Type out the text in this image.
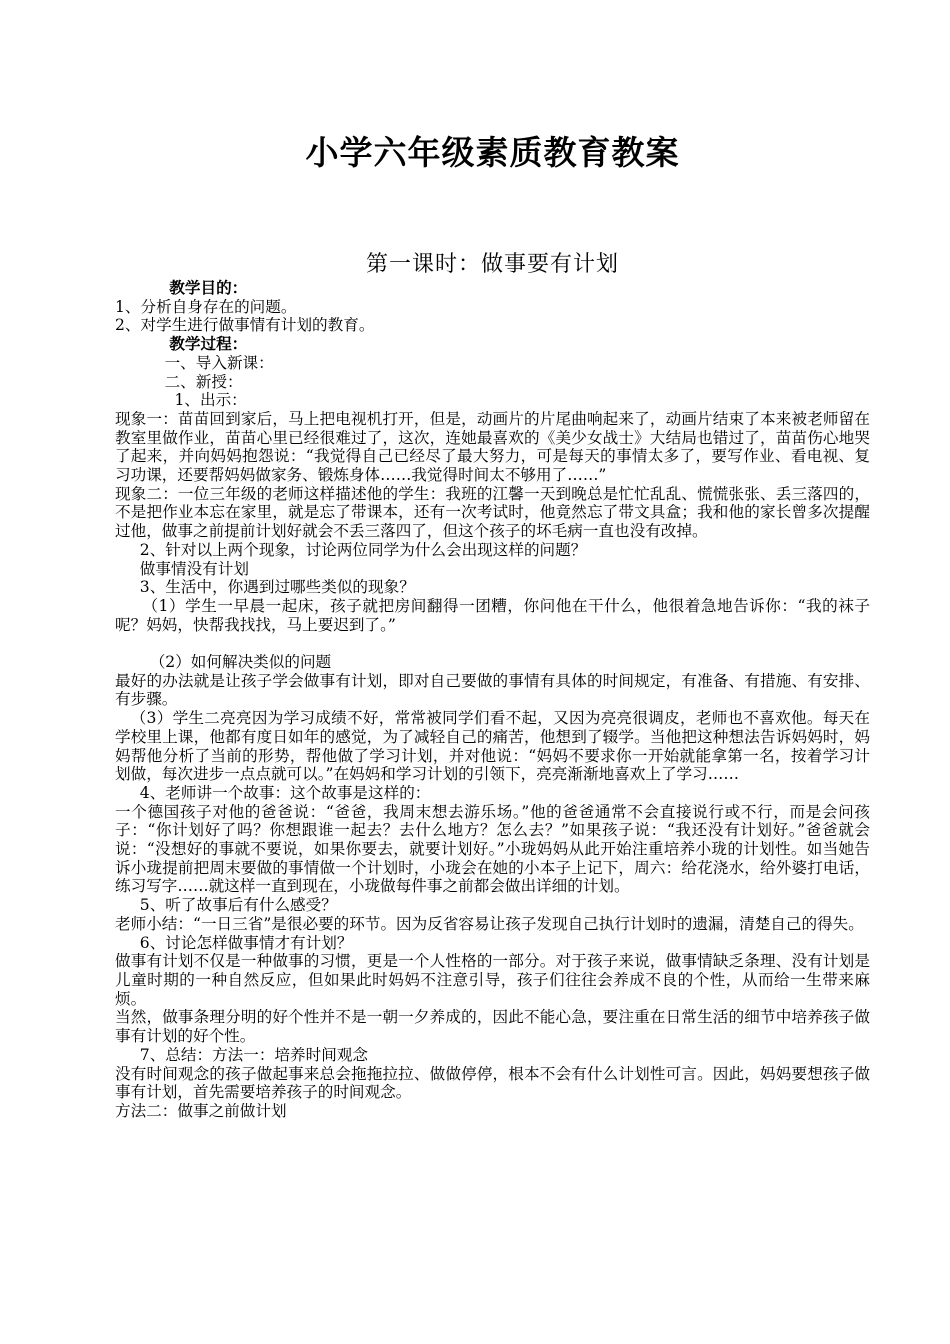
小学六年级素质教育教案
第一课时：做事要有计划

教学目的：

1、分析自身存在的问题。

2、对学生进行做事情有计划的教育。

教学过程：

一、导入新课：

二、新授：

1、出示：

现象一：苗苗回到家后，马上把电视机打开，但是，动画片的片尾曲响起来了，动画片结束了本来被老师留在教室里做作业，苗苗心里已经很难过了，这次，连她最喜欢的《美少女战士》大结局也错过了，苗苗伤心地哭了起来，并向妈妈抱怨说：“我觉得自己已经尽了最大努力，可是每天的事情太多了，要写作业、看电视、复习功课，还要帮妈妈做家务、锻炼身体……我觉得时间太不够用了……”

现象二：一位三年级的老师这样描述他的学生：我班的江馨一天到晚总是忙忙乱乱、慌慌张张、丢三落四的，不是把作业本忘在家里，就是忘了带课本，还有一次考试时，他竟然忘了带文具盒；我和他的家长曾多次提醒过他，做事之前提前计划好就会不丢三落四了，但这个孩子的坏毛病一直也没有改掉。

2、针对以上两个现象，讨论两位同学为什么会出现这样的问题？

做事情没有计划

3、生活中，你遇到过哪些类似的现象？

（1）学生一早晨一起床，孩子就把房间翻得一团糟，你问他在干什么，他很着急地告诉你：“我的袜子呢？妈妈，快帮我找找，马上要迟到了。”

（2）如何解决类似的问题

最好的办法就是让孩子学会做事有计划，即对自己要做的事情有具体的时间规定，有准备、有措施、有安排、有步骤。

（3）学生二亮亮因为学习成绩不好，常常被同学们看不起，又因为亮亮很调皮，老师也不喜欢他。每天在学校里上课，他都有度日如年的感觉，为了减轻自己的痛苦，他想到了辍学。当他把这种想法告诉妈妈时，妈妈帮他分析了当前的形势，帮他做了学习计划，并对他说：“妈妈不要求你一开始就能拿第一名，按着学习计划做，每次进步一点点就可以。”在妈妈和学习计划的引领下，亮亮渐渐地喜欢上了学习……

4、老师讲一个故事：这个故事是这样的：

一个德国孩子对他的爸爸说：“爸爸，我周末想去游乐场。”他的爸爸通常不会直接说行或不行，而是会问孩子：“你计划好了吗？你想跟谁一起去？去什么地方？怎么去？”如果孩子说：“我还没有计划好。”爸爸就会说：“没想好的事就不要说，如果你要去，就要计划好。”小珑妈妈从此开始注重培养小珑的计划性。如当她告诉小珑提前把周末要做的事情做一个计划时，小珑会在她的小本子上记下，周六：给花浇水，给外婆打电话，练习写字……就这样一直到现在，小珑做每件事之前都会做出详细的计划。

5、听了故事后有什么感受？

老师小结：“一日三省”是很必要的环节。因为反省容易让孩子发现自己执行计划时的遗漏，清楚自己的得失。

6、讨论怎样做事情才有计划？

做事有计划不仅是一种做事的习惯，更是一个人性格的一部分。对于孩子来说，做事情缺乏条理、没有计划是儿童时期的一种自然反应，但如果此时妈妈不注意引导，孩子们往往会养成不良的个性，从而给一生带来麻烦。

当然，做事条理分明的好个性并不是一朝一夕养成的，因此不能心急，要注重在日常生活的细节中培养孩子做事有计划的好个性。

7、总结：方法一：培养时间观念

没有时间观念的孩子做起事来总会拖拖拉拉、做做停停，根本不会有什么计划性可言。因此，妈妈要想孩子做事有计划，首先需要培养孩子的时间观念。

方法二：做事之前做计划
